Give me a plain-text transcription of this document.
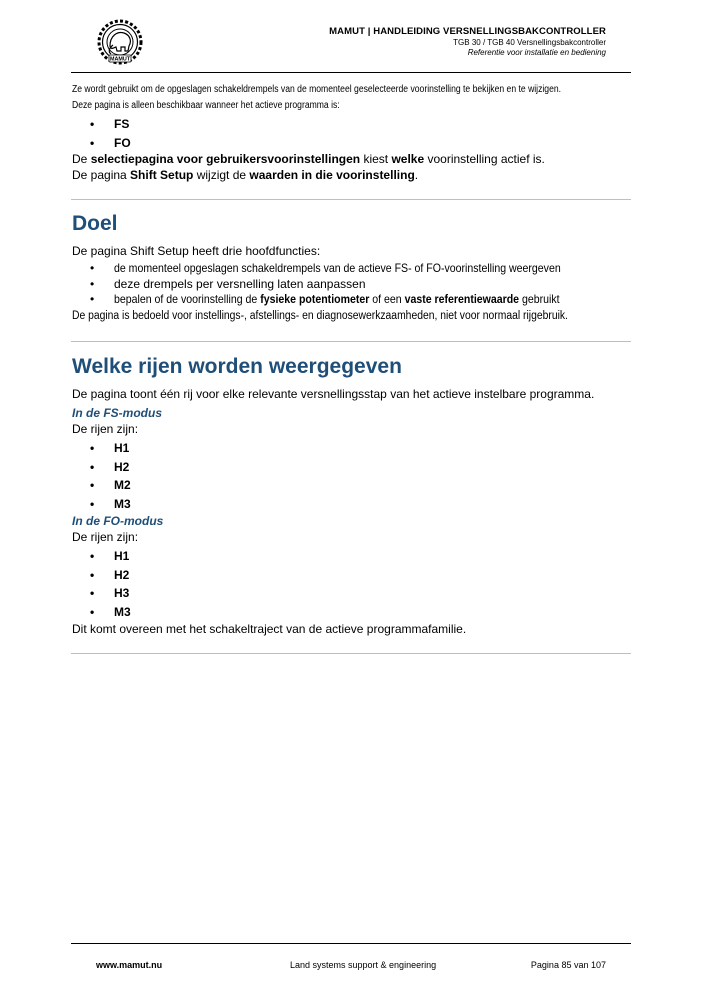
MAMUT
MAMUT | HANDLEIDING VERSNELLINGSBAKCONTROLLER
TGB 30 / TGB 40 Versnellingsbakcontroller
Referentie voor installatie en bediening

Ze wordt gebruikt om de opgeslagen schakeldrempels van de momenteel geselecteerde voorinstelling te bekijken en te wijzigen.

Deze pagina is alleen beschikbaar wanneer het actieve programma is:

• FS
• FO

De selectiepagina voor gebruikersvoorinstellingen kiest welke voorinstelling actief is.

De pagina Shift Setup wijzigt de waarden in die voorinstelling.

Doel

De pagina Shift Setup heeft drie hoofdfuncties:

• de momenteel opgeslagen schakeldrempels van de actieve FS- of FO-voorinstelling weergeven
• deze drempels per versnelling laten aanpassen
• bepalen of de voorinstelling de fysieke potentiometer of een vaste referentiewaarde gebruikt

De pagina is bedoeld voor instellings-, afstellings- en diagnosewerkzaamheden, niet voor normaal rijgebruik.

Welke rijen worden weergegeven

De pagina toont één rij voor elke relevante versnellingsstap van het actieve instelbare programma.

In de FS-modus

De rijen zijn:

• H1
• H2
• M2
• M3

In de FO-modus

De rijen zijn:

• H1
• H2
• H3
• M3

Dit komt overeen met het schakeltraject van de actieve programmafamilie.

www.mamut.nu	Land systems support & engineering	Pagina 85 van 107
